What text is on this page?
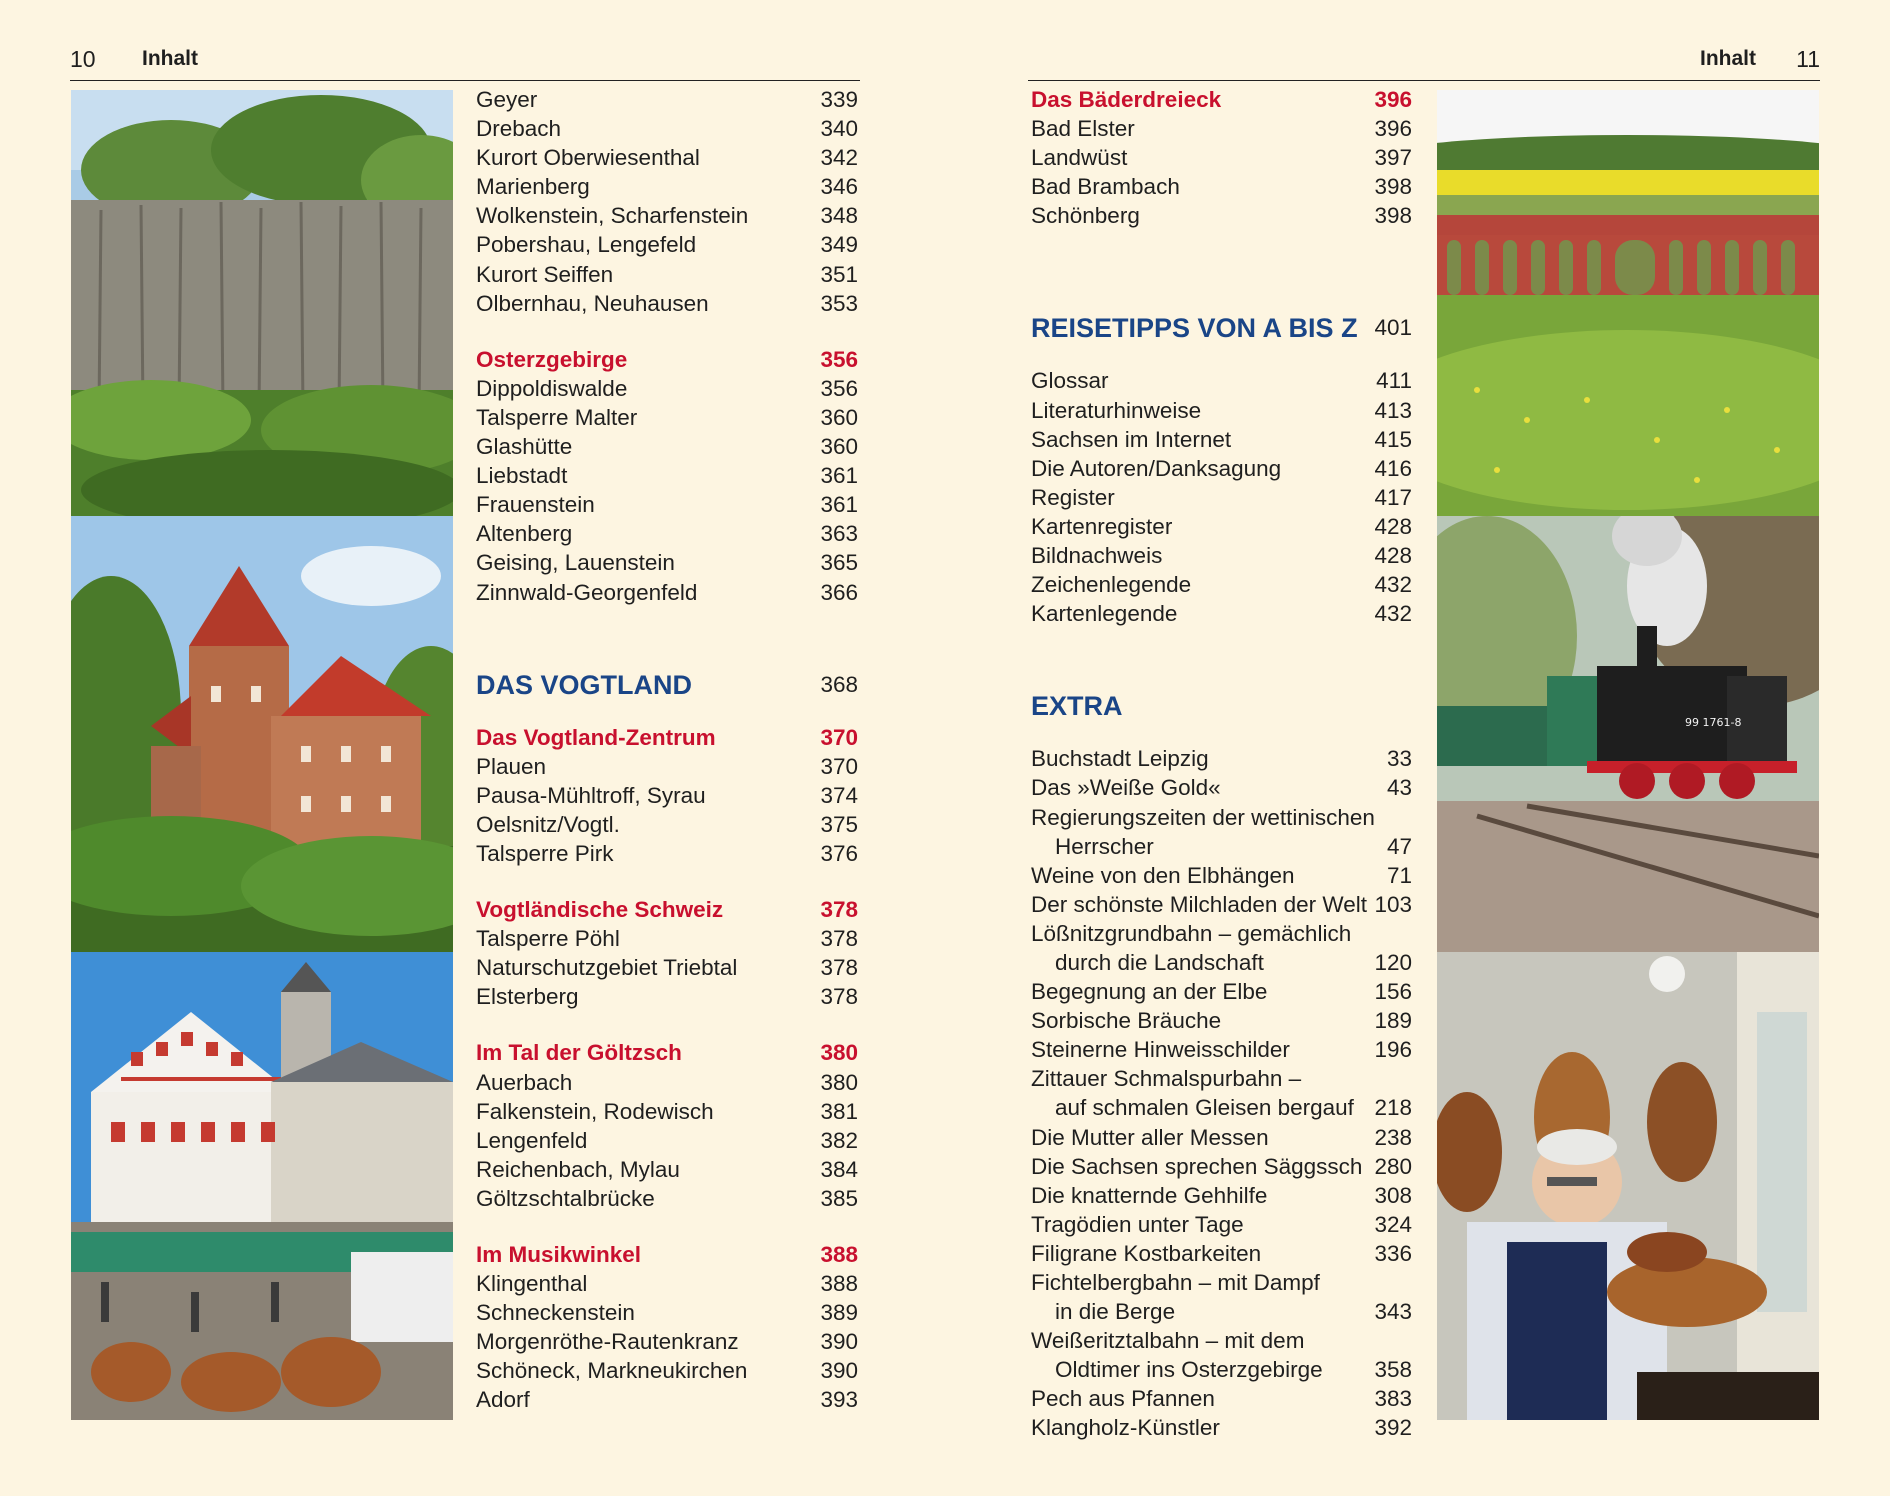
10 Inhalt	Inhalt 11
Geyer	339
Drebach	340
Kurort Oberwiesenthal	342
Marienberg	346
Wolkenstein, Scharfenstein	348
Pobershau, Lengefeld	349
Kurort Seiffen	351
Olbernhau, Neuhausen	353
Osterzgebirge	356
Dippoldiswalde	356
Talsperre Malter	360
Glashütte	360
Liebstadt	361
Frauenstein	361
Altenberg	363
Geising, Lauenstein	365
Zinnwald-Georgenfeld	366
DAS VOGTLAND	368
Das Vogtland-Zentrum	370
Plauen	370
Pausa-Mühltroff, Syrau	374
Oelsnitz/Vogtl.	375
Talsperre Pirk	376
Vogtländische Schweiz	378
Talsperre Pöhl	378
Naturschutzgebiet Triebtal	378
Elsterberg	378
Im Tal der Göltzsch	380
Auerbach	380
Falkenstein, Rodewisch	381
Lengenfeld	382
Reichenbach, Mylau	384
Göltzschtalbrücke	385
Im Musikwinkel	388
Klingenthal	388
Schneckenstein	389
Morgenröthe-Rautenkranz	390
Schöneck, Markneukirchen	390
Adorf	393
Das Bäderdreieck	396
Bad Elster	396
Landwüst	397
Bad Brambach	398
Schönberg	398
REISETIPPS VON A BIS Z 401
Glossar	411
Literaturhinweise	413
Sachsen im Internet	415
Die Autoren/Danksagung	416
Register	417
Kartenregister	428
Bildnachweis	428
Zeichenlegende	432
Kartenlegende	432
EXTRA
Buchstadt Leipzig	33
Das »Weiße Gold«	43
Regierungszeiten der wettinischen
Herrscher	47
Weine von den Elbhängen	71
Der schönste Milchladen der Welt 103
Lößnitzgrundbahn – gemächlich
durch die Landschaft	120
Begegnung an der Elbe	156
Sorbische Bräuche	189
Steinerne Hinweisschilder	196
Zittauer Schmalspurbahn –
auf schmalen Gleisen bergauf 218
Die Mutter aller Messen	238
Die Sachsen sprechen Säggssch 280
Die knatternde Gehhilfe	308
Tragödien unter Tage	324
Filigrane Kostbarkeiten	336
Fichtelbergbahn – mit Dampf
in die Berge	343
Weißeritztalbahn – mit dem
Oldtimer ins Osterzgebirge 358
Pech aus Pfannen	383
Klangholz-Künstler	392
99 1761-8
